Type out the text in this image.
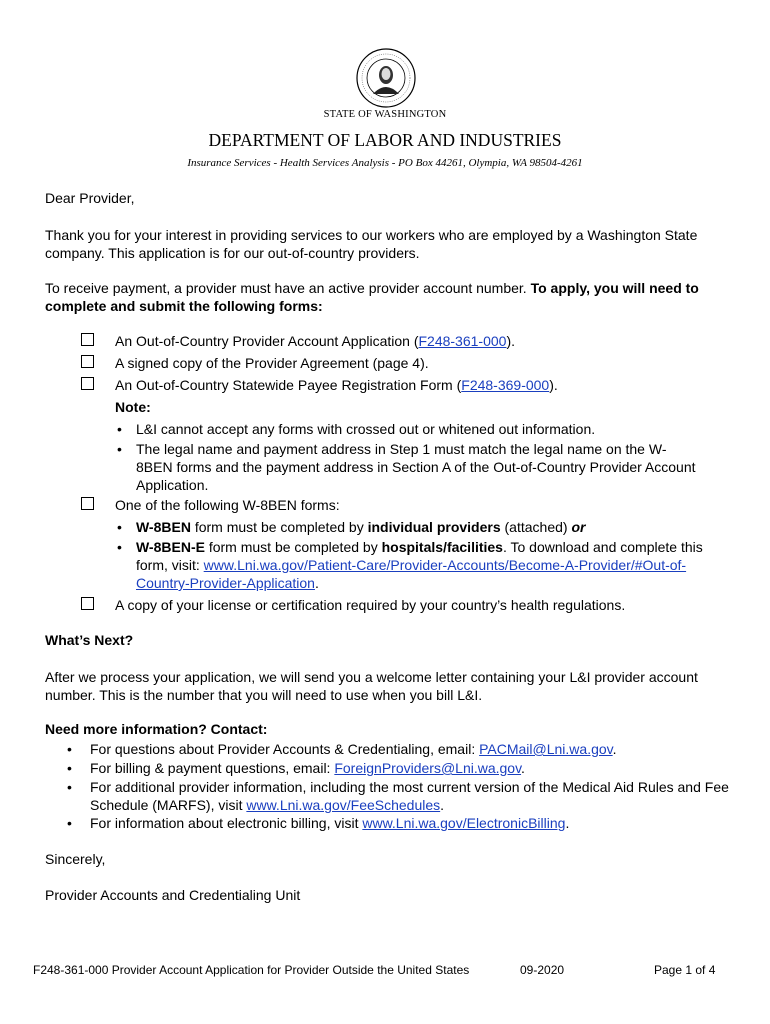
STATE OF WASHINGTON
DEPARTMENT OF LABOR AND INDUSTRIES
Insurance Services - Health Services Analysis - PO Box 44261, Olympia, WA 98504-4261
Dear Provider,
Thank you for your interest in providing services to our workers who are employed by a Washington State company. This application is for our out-of-country providers.
To receive payment, a provider must have an active provider account number. To apply, you will need to complete and submit the following forms:
An Out-of-Country Provider Account Application (F248-361-000).
A signed copy of the Provider Agreement (page 4).
An Out-of-Country Statewide Payee Registration Form (F248-369-000).
Note:
• L&I cannot accept any forms with crossed out or whitened out information.
• The legal name and payment address in Step 1 must match the legal name on the W-8BEN forms and the payment address in Section A of the Out-of-Country Provider Account Application.
One of the following W-8BEN forms:
• W-8BEN form must be completed by individual providers (attached) or
• W-8BEN-E form must be completed by hospitals/facilities. To download and complete this form, visit: www.Lni.wa.gov/Patient-Care/Provider-Accounts/Become-A-Provider/#Out-of-Country-Provider-Application.
A copy of your license or certification required by your country’s health regulations.
What’s Next?
After we process your application, we will send you a welcome letter containing your L&I provider account number. This is the number that you will need to use when you bill L&I.
Need more information? Contact:
• For questions about Provider Accounts & Credentialing, email: PACMail@Lni.wa.gov.
• For billing & payment questions, email: ForeignProviders@Lni.wa.gov.
• For additional provider information, including the most current version of the Medical Aid Rules and Fee Schedule (MARFS), visit www.Lni.wa.gov/FeeSchedules.
• For information about electronic billing, visit www.Lni.wa.gov/ElectronicBilling.
Sincerely,
Provider Accounts and Credentialing Unit
F248-361-000 Provider Account Application for Provider Outside the United States	09-2020	Page 1 of 4
